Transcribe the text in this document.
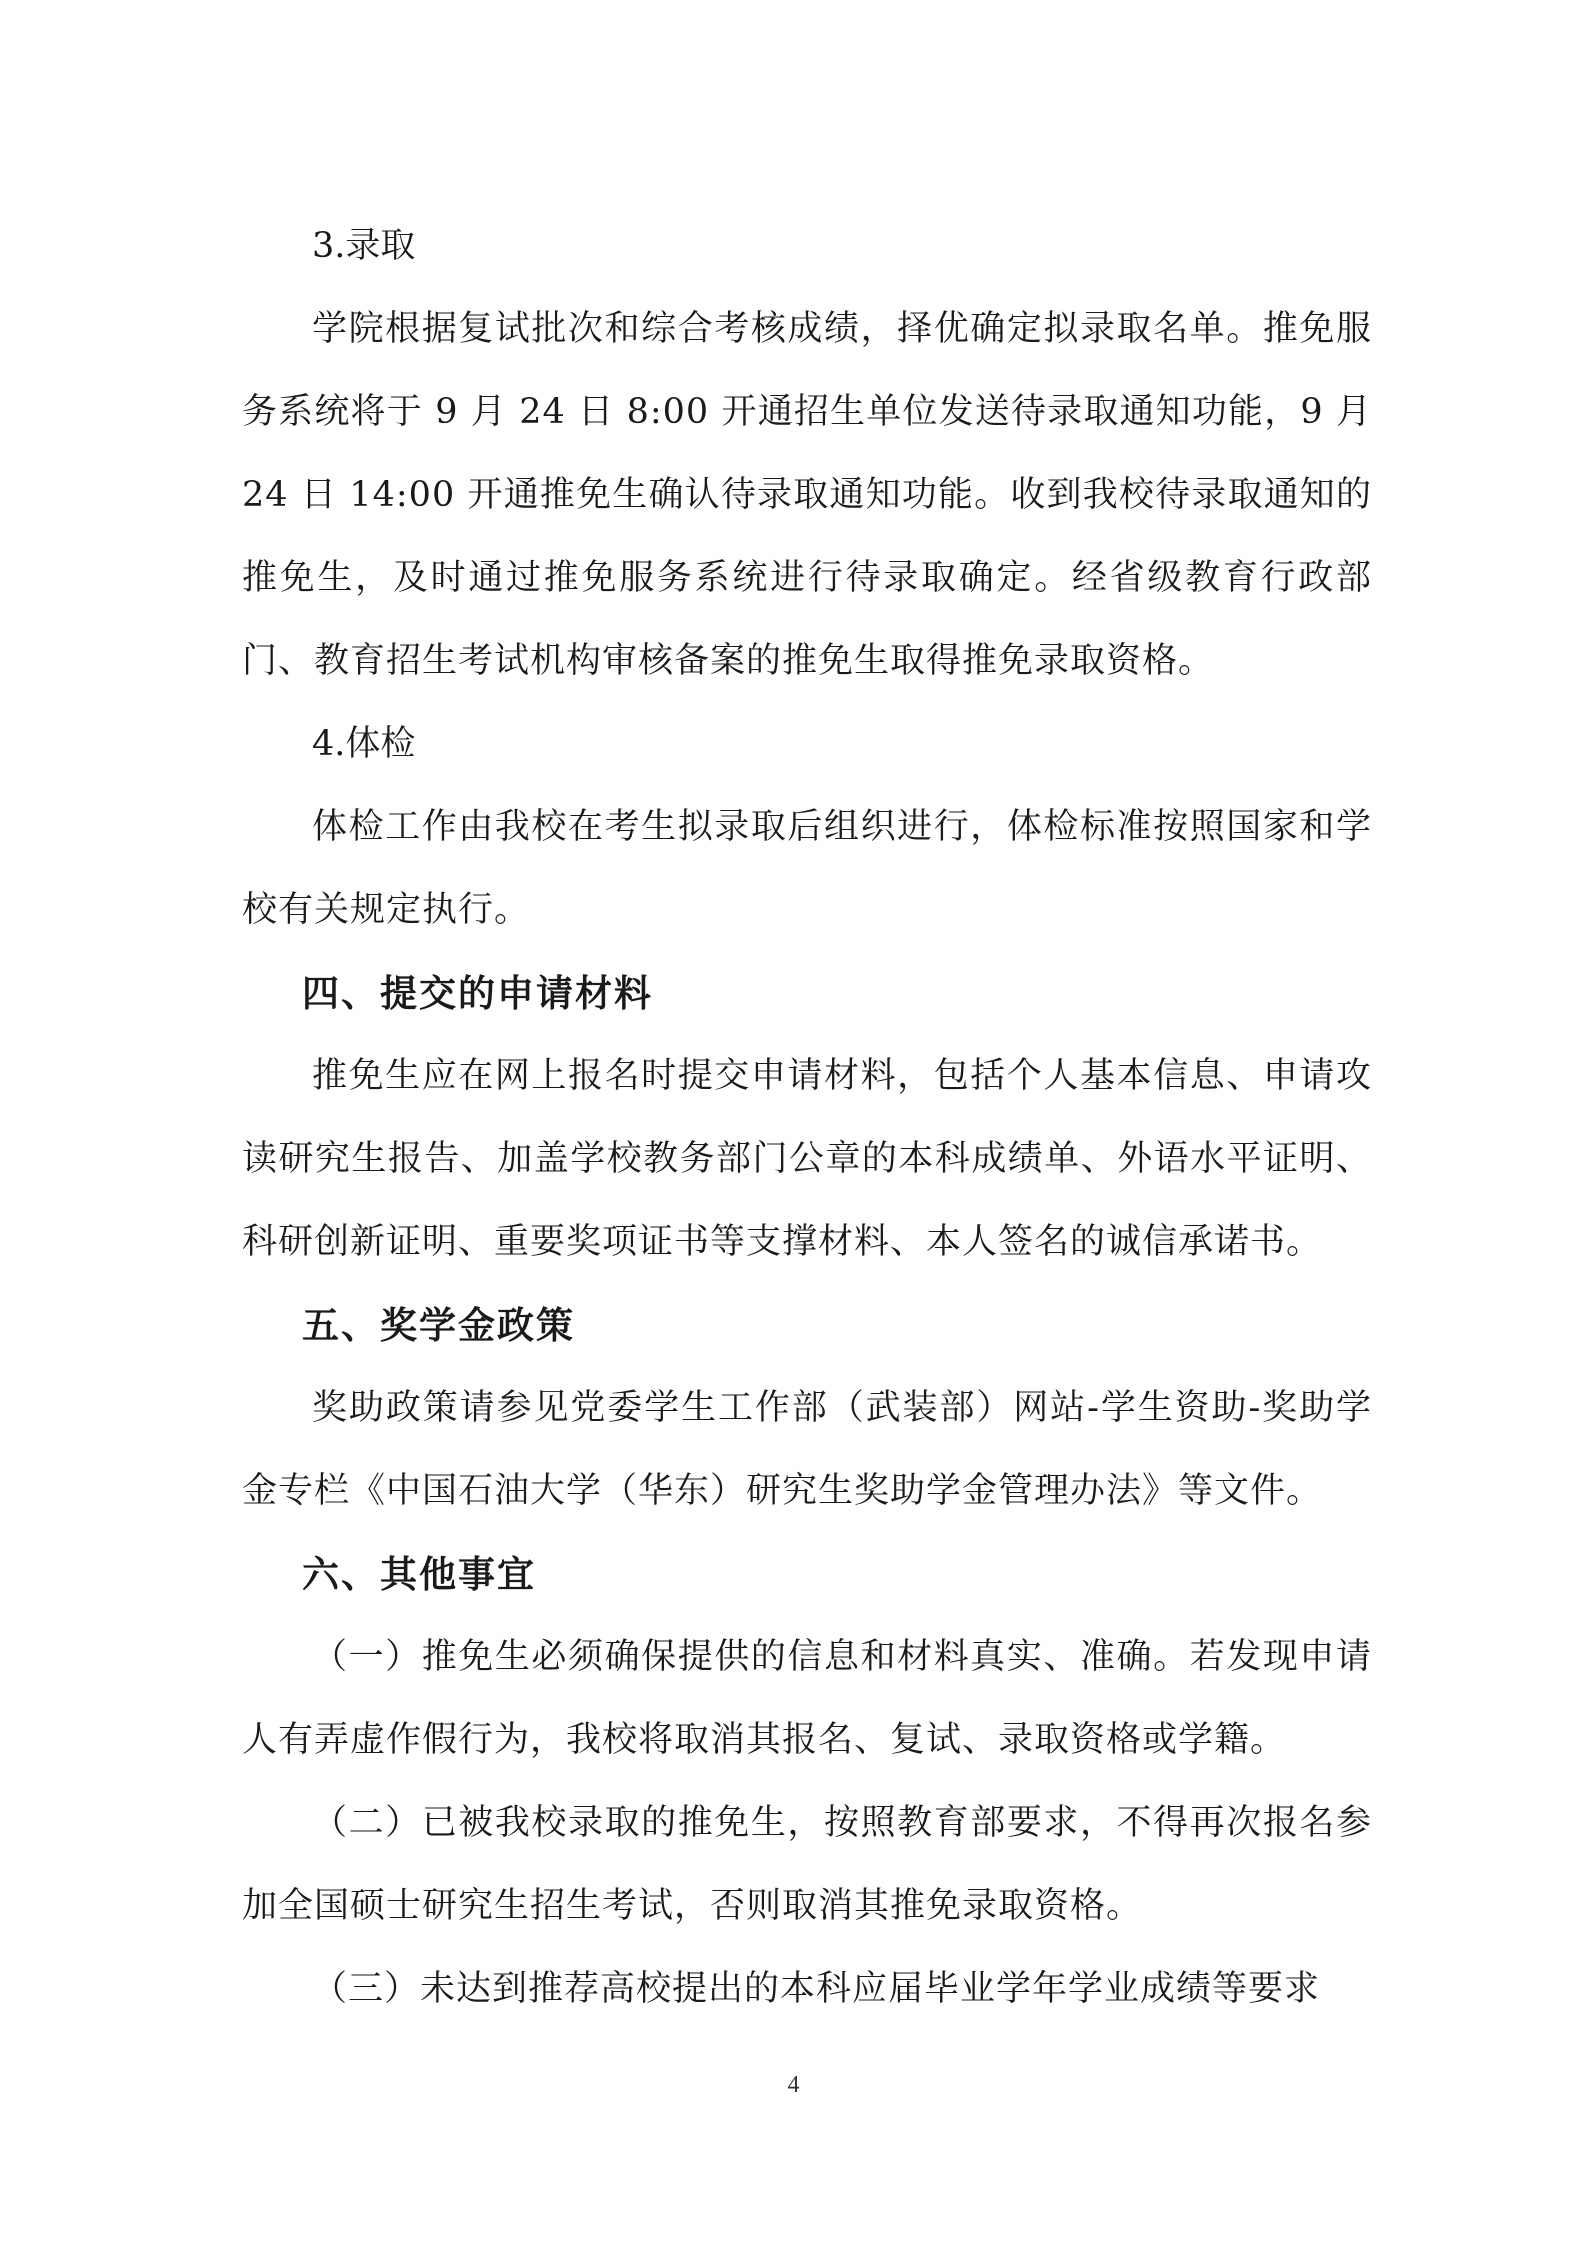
3.录取

学院根据复试批次和综合考核成绩，择优确定拟录取名单。推免服务系统将于 9 月 24 日 8:00 开通招生单位发送待录取通知功能，9 月 24 日 14:00 开通推免生确认待录取通知功能。收到我校待录取通知的推免生，及时通过推免服务系统进行待录取确定。经省级教育行政部门、教育招生考试机构审核备案的推免生取得推免录取资格。

4.体检

体检工作由我校在考生拟录取后组织进行，体检标准按照国家和学校有关规定执行。

四、提交的申请材料

推免生应在网上报名时提交申请材料，包括个人基本信息、申请攻读研究生报告、加盖学校教务部门公章的本科成绩单、外语水平证明、科研创新证明、重要奖项证书等支撑材料、本人签名的诚信承诺书。

五、奖学金政策

奖助政策请参见党委学生工作部（武装部）网站-学生资助-奖助学金专栏《中国石油大学（华东）研究生奖助学金管理办法》等文件。

六、其他事宜

（一）推免生必须确保提供的信息和材料真实、准确。若发现申请人有弄虚作假行为，我校将取消其报名、复试、录取资格或学籍。

（二）已被我校录取的推免生，按照教育部要求，不得再次报名参加全国硕士研究生招生考试，否则取消其推免录取资格。

（三）未达到推荐高校提出的本科应届毕业学年学业成绩等要求

4
